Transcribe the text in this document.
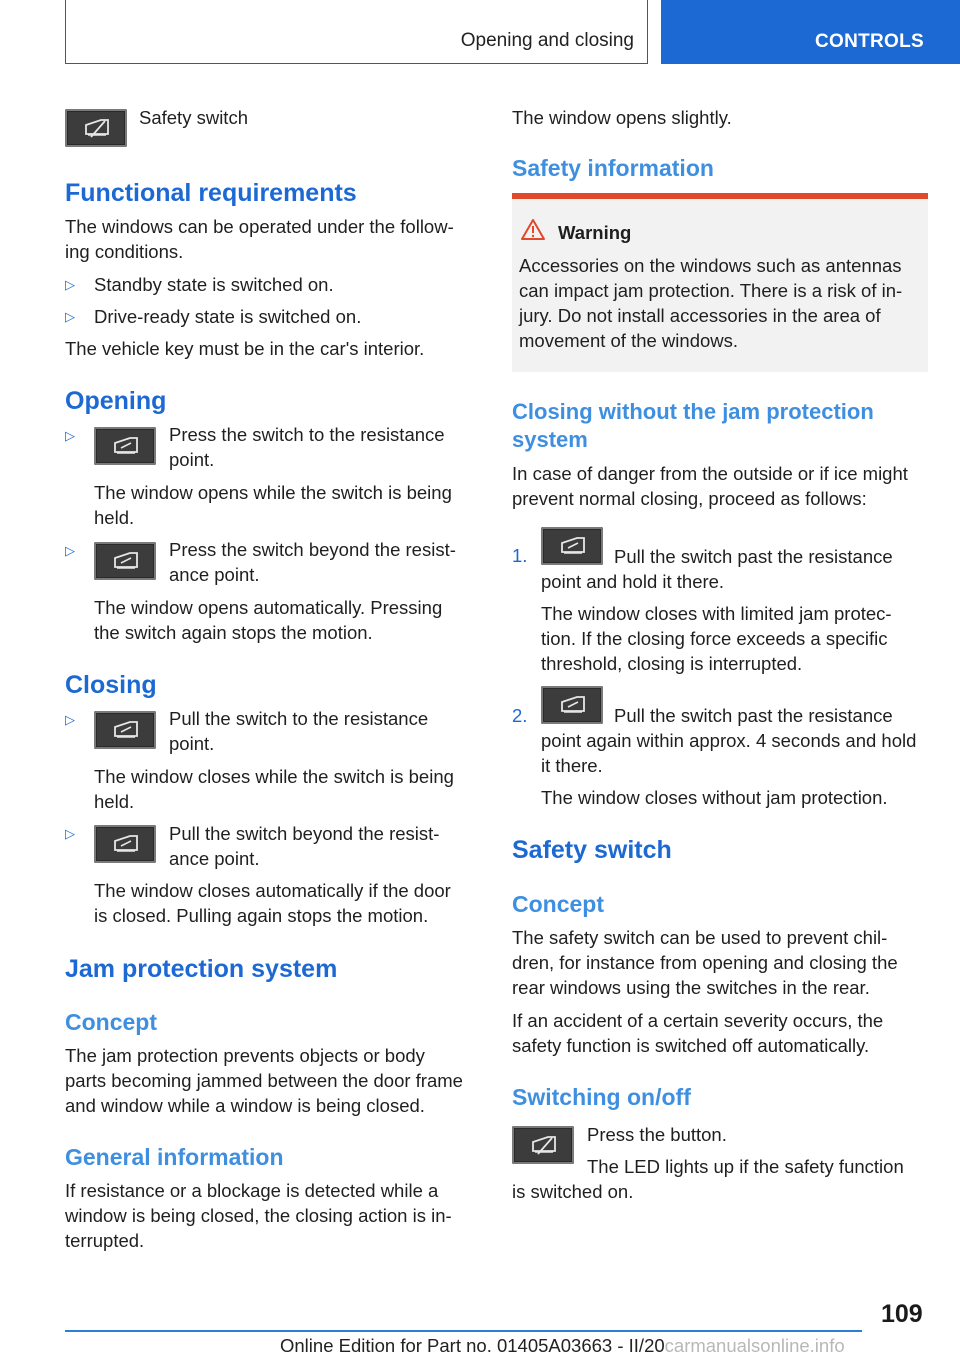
Opening and closing	CONTROLS
Safety switch
Functional requirements
The windows can be operated under the follow-
ing conditions.
▷ Standby state is switched on.
▷ Drive-ready state is switched on.
The vehicle key must be in the car's interior.
Opening
▷	Press the switch to the resistance
point.
The window opens while the switch is being
held.
▷	Press the switch beyond the resist-
ance point.
The window opens automatically. Pressing
the switch again stops the motion.
Closing
▷	Pull the switch to the resistance
point.
The window closes while the switch is being
held.
▷	Pull the switch beyond the resist-
ance point.
The window closes automatically if the door
is closed. Pulling again stops the motion.
Jam protection system
Concept
The jam protection prevents objects or body
parts becoming jammed between the door frame
and window while a window is being closed.
General information
If resistance or a blockage is detected while a
window is being closed, the closing action is in-
terrupted.
The window opens slightly.
Safety information
Warning
Accessories on the windows such as antennas
can impact jam protection. There is a risk of in-
jury. Do not install accessories in the area of
movement of the windows.
Closing without the jam protection
system
In case of danger from the outside or if ice might
prevent normal closing, proceed as follows:
1.	Pull the switch past the resistance
point and hold it there.
The window closes with limited jam protec-
tion. If the closing force exceeds a specific
threshold, closing is interrupted.
2.	Pull the switch past the resistance
point again within approx. 4 seconds and hold
it there.
The window closes without jam protection.
Safety switch
Concept
The safety switch can be used to prevent chil-
dren, for instance from opening and closing the
rear windows using the switches in the rear.
If an accident of a certain severity occurs, the
safety function is switched off automatically.
Switching on/off
Press the button.
The LED lights up if the safety function
is switched on.
109
Online Edition for Part no. 01405A03663 - II/20carmanualsonline.info
